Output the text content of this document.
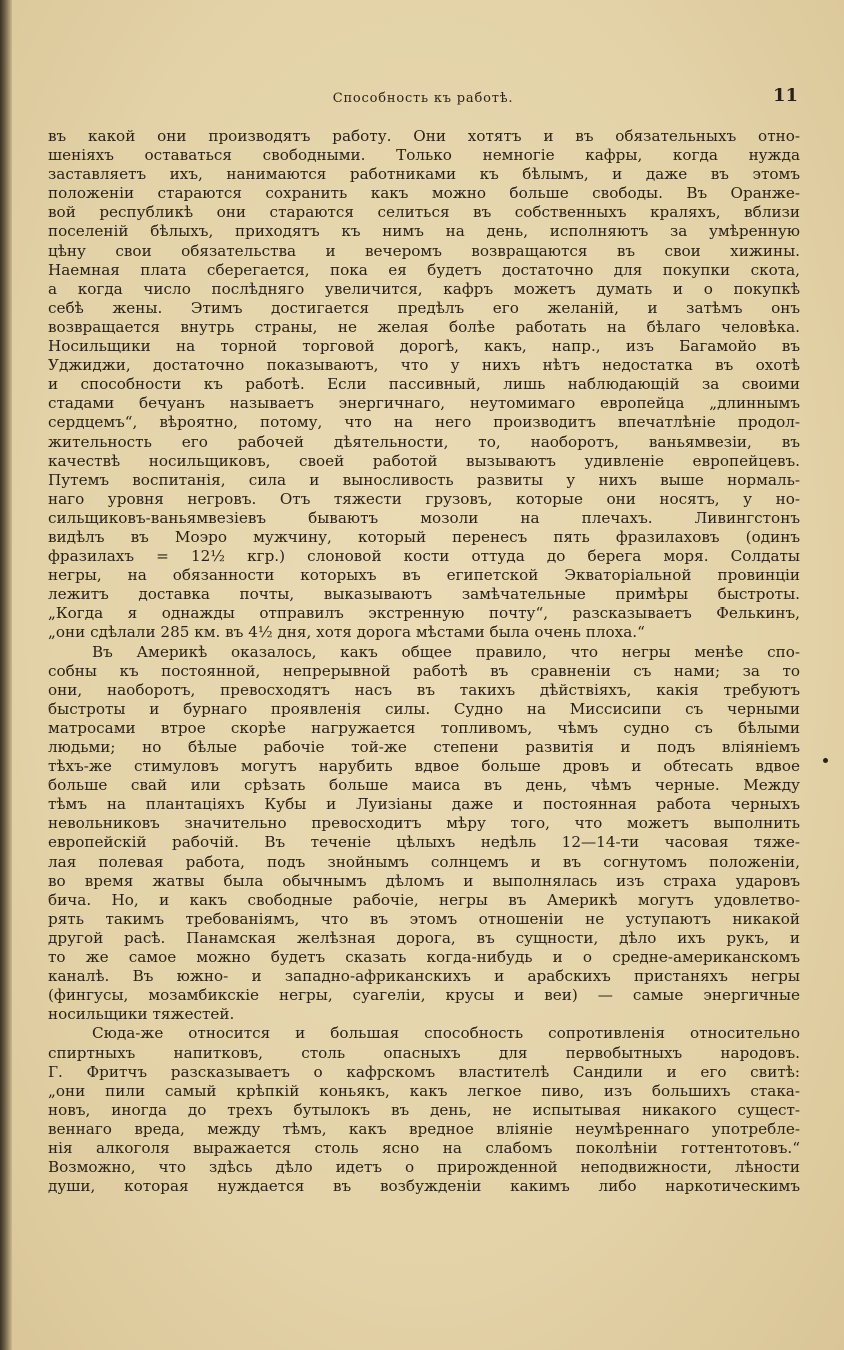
Способность къ работѣ.	11
въ какой они производятъ работу. Они хотятъ и въ обязательныхъ отно-
шеніяхъ оставаться свободными. Только немногіе кафры, когда нужда
заставляетъ ихъ, нанимаются работниками къ бѣлымъ, и даже въ этомъ
положеніи стараются сохранить какъ можно больше свободы. Въ Оранже-
вой республикѣ они стараются селиться въ собственныхъ краляхъ, вблизи
поселеній бѣлыхъ, приходятъ къ нимъ на день, исполняютъ за умѣренную
цѣну свои обязательства и вечеромъ возвращаются въ свои хижины.
Наемная плата сберегается, пока ея будетъ достаточно для покупки скота,
а когда число послѣдняго увеличится, кафръ можетъ думать и о покупкѣ
себѣ жены. Этимъ достигается предѣлъ его желаній, и затѣмъ онъ
возвращается внутрь страны, не желая болѣе работать на бѣлаго человѣка.
Носильщики на торной торговой дорогѣ, какъ, напр., изъ Багамойо въ
Уджиджи, достаточно показываютъ, что у нихъ нѣтъ недостатка въ охотѣ
и способности къ работѣ. Если пассивный, лишь наблюдающій за своими
стадами бечуанъ называетъ энергичнаго, неутомимаго европейца „длиннымъ
сердцемъ“, вѣроятно, потому, что на него производитъ впечатлѣніе продол-
жительность его рабочей дѣятельности, то, наоборотъ, ваньямвезіи, въ
качествѣ носильщиковъ, своей работой вызываютъ удивленіе европейцевъ.
Путемъ воспитанія, сила и выносливость развиты у нихъ выше нормаль-
наго уровня негровъ. Отъ тяжести грузовъ, которые они носятъ, у но-
сильщиковъ-ваньямвезіевъ бываютъ мозоли на плечахъ. Ливингстонъ
видѣлъ въ Моэро мужчину, который перенесъ пять фразилаховъ (одинъ
фразилахъ = 12½ кгр.) слоновой кости оттуда до берега моря. Солдаты
негры, на обязанности которыхъ въ египетской Экваторіальной провинціи
лежитъ доставка почты, выказываютъ замѣчательные примѣры быстроты.
„Когда я однажды отправилъ экстренную почту“, разсказываетъ Фелькинъ,
„они сдѣлали 285 км. въ 4½ дня, хотя дорога мѣстами была очень плоха.“
Въ Америкѣ оказалось, какъ общее правило, что негры менѣе спо-
собны къ постоянной, непрерывной работѣ въ сравненіи съ нами; за то
они, наоборотъ, превосходятъ насъ въ такихъ дѣйствіяхъ, какія требуютъ
быстроты и бурнаго проявленія силы. Судно на Миссисипи съ черными
матросами втрое скорѣе нагружается топливомъ, чѣмъ судно съ бѣлыми
людьми; но бѣлые рабочіе той-же степени развитія и подъ вліяніемъ
тѣхъ-же стимуловъ могутъ нарубить вдвое больше дровъ и обтесать вдвое
больше свай или срѣзать больше маиса въ день, чѣмъ черные. Между
тѣмъ на плантаціяхъ Кубы и Луизіаны даже и постоянная работа черныхъ
невольниковъ значительно превосходитъ мѣру того, что можетъ выполнить
европейскій рабочій. Въ теченіе цѣлыхъ недѣль 12—14-ти часовая тяже-
лая полевая работа, подъ знойнымъ солнцемъ и въ согнутомъ положеніи,
во время жатвы была обычнымъ дѣломъ и выполнялась изъ страха ударовъ
бича. Но, и какъ свободные рабочіе, негры въ Америкѣ могутъ удовлетво-
рять такимъ требованіямъ, что въ этомъ отношеніи не уступаютъ никакой
другой расѣ. Панамская желѣзная дорога, въ сущности, дѣло ихъ рукъ, и
то же самое можно будетъ сказать когда-нибудь и о средне-американскомъ
каналѣ. Въ южно- и западно-африканскихъ и арабскихъ пристаняхъ негры
(фингусы, мозамбикскіе негры, суагеліи, крусы и веи) — самые энергичные
носильщики тяжестей.
Сюда-же относится и большая способность сопротивленія относительно
спиртныхъ напитковъ, столь опасныхъ для первобытныхъ народовъ.
Г. Фритчъ разсказываетъ о кафрскомъ властителѣ Сандили и его свитѣ:
„они пили самый крѣпкій коньякъ, какъ легкое пиво, изъ большихъ стака-
новъ, иногда до трехъ бутылокъ въ день, не испытывая никакого сущест-
веннаго вреда, между тѣмъ, какъ вредное вліяніе неумѣреннаго употребле-
нія алкоголя выражается столь ясно на слабомъ поколѣніи готтентотовъ.“
Возможно, что здѣсь дѣло идетъ о прирожденной неподвижности, лѣности
души, которая нуждается въ возбужденіи какимъ либо наркотическимъ
